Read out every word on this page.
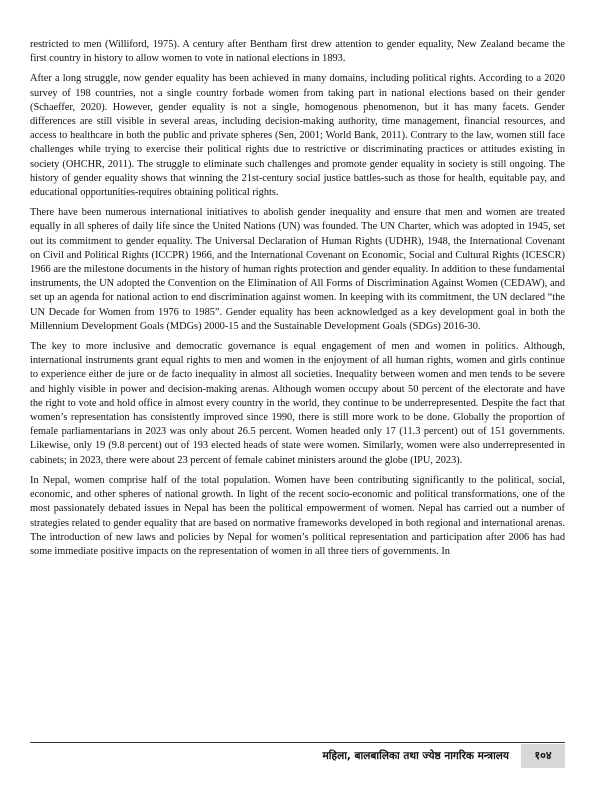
restricted to men (Williford, 1975). A century after Bentham first drew attention to gender equality, New Zealand became the first country in history to allow women to vote in national elections in 1893.

After a long struggle, now gender equality has been achieved in many domains, including political rights. According to a 2020 survey of 198 countries, not a single country forbade women from taking part in national elections based on their gender (Schaeffer, 2020). However, gender equality is not a single, homogenous phenomenon, but it has many facets. Gender differences are still visible in several areas, including decision-making authority, time management, financial resources, and access to healthcare in both the public and private spheres (Sen, 2001; World Bank, 2011). Contrary to the law, women still face challenges while trying to exercise their political rights due to restrictive or discriminating practices or attitudes existing in society (OHCHR, 2011). The struggle to eliminate such challenges and promote gender equality in society is still ongoing. The history of gender equality shows that winning the 21st-century social justice battles-such as those for health, equitable pay, and educational opportunities-requires obtaining political rights.

There have been numerous international initiatives to abolish gender inequality and ensure that men and women are treated equally in all spheres of daily life since the United Nations (UN) was founded. The UN Charter, which was adopted in 1945, set out its commitment to gender equality. The Universal Declaration of Human Rights (UDHR), 1948, the International Covenant on Civil and Political Rights (ICCPR) 1966, and the International Covenant on Economic, Social and Cultural Rights (ICESCR) 1966 are the milestone documents in the history of human rights protection and gender equality. In addition to these fundamental instruments, the UN adopted the Convention on the Elimination of All Forms of Discrimination Against Women (CEDAW), and set up an agenda for national action to end discrimination against women. In keeping with its commitment, the UN declared “the UN Decade for Women from 1976 to 1985”. Gender equality has been acknowledged as a key development goal in both the Millennium Development Goals (MDGs) 2000-15 and the Sustainable Development Goals (SDGs) 2016-30.

The key to more inclusive and democratic governance is equal engagement of men and women in politics. Although, international instruments grant equal rights to men and women in the enjoyment of all human rights, women and girls continue to experience either de jure or de facto inequality in almost all societies. Inequality between women and men tends to be severe and highly visible in power and decision-making arenas. Although women occupy about 50 percent of the electorate and have the right to vote and hold office in almost every country in the world, they continue to be underrepresented. Despite the fact that women’s representation has consistently improved since 1990, there is still more work to be done. Globally the proportion of female parliamentarians in 2023 was only about 26.5 percent. Women headed only 17 (11.3 percent) out of 151 governments. Likewise, only 19 (9.8 percent) out of 193 elected heads of state were women. Similarly, women were also underrepresented in cabinets; in 2023, there were about 23 percent of female cabinet ministers around the globe (IPU, 2023).

In Nepal, women comprise half of the total population. Women have been contributing significantly to the political, social, economic, and other spheres of national growth. In light of the recent socio-economic and political transformations, one of the most passionately debated issues in Nepal has been the political empowerment of women. Nepal has carried out a number of strategies related to gender equality that are based on normative frameworks developed in both regional and international arenas. The introduction of new laws and policies by Nepal for women’s political representation and participation after 2006 has had some immediate positive impacts on the representation of women in all three tiers of governments. In

महिला, बालबालिका तथा ज्येष्ठ नागरिक मन्त्रालय	१०४
